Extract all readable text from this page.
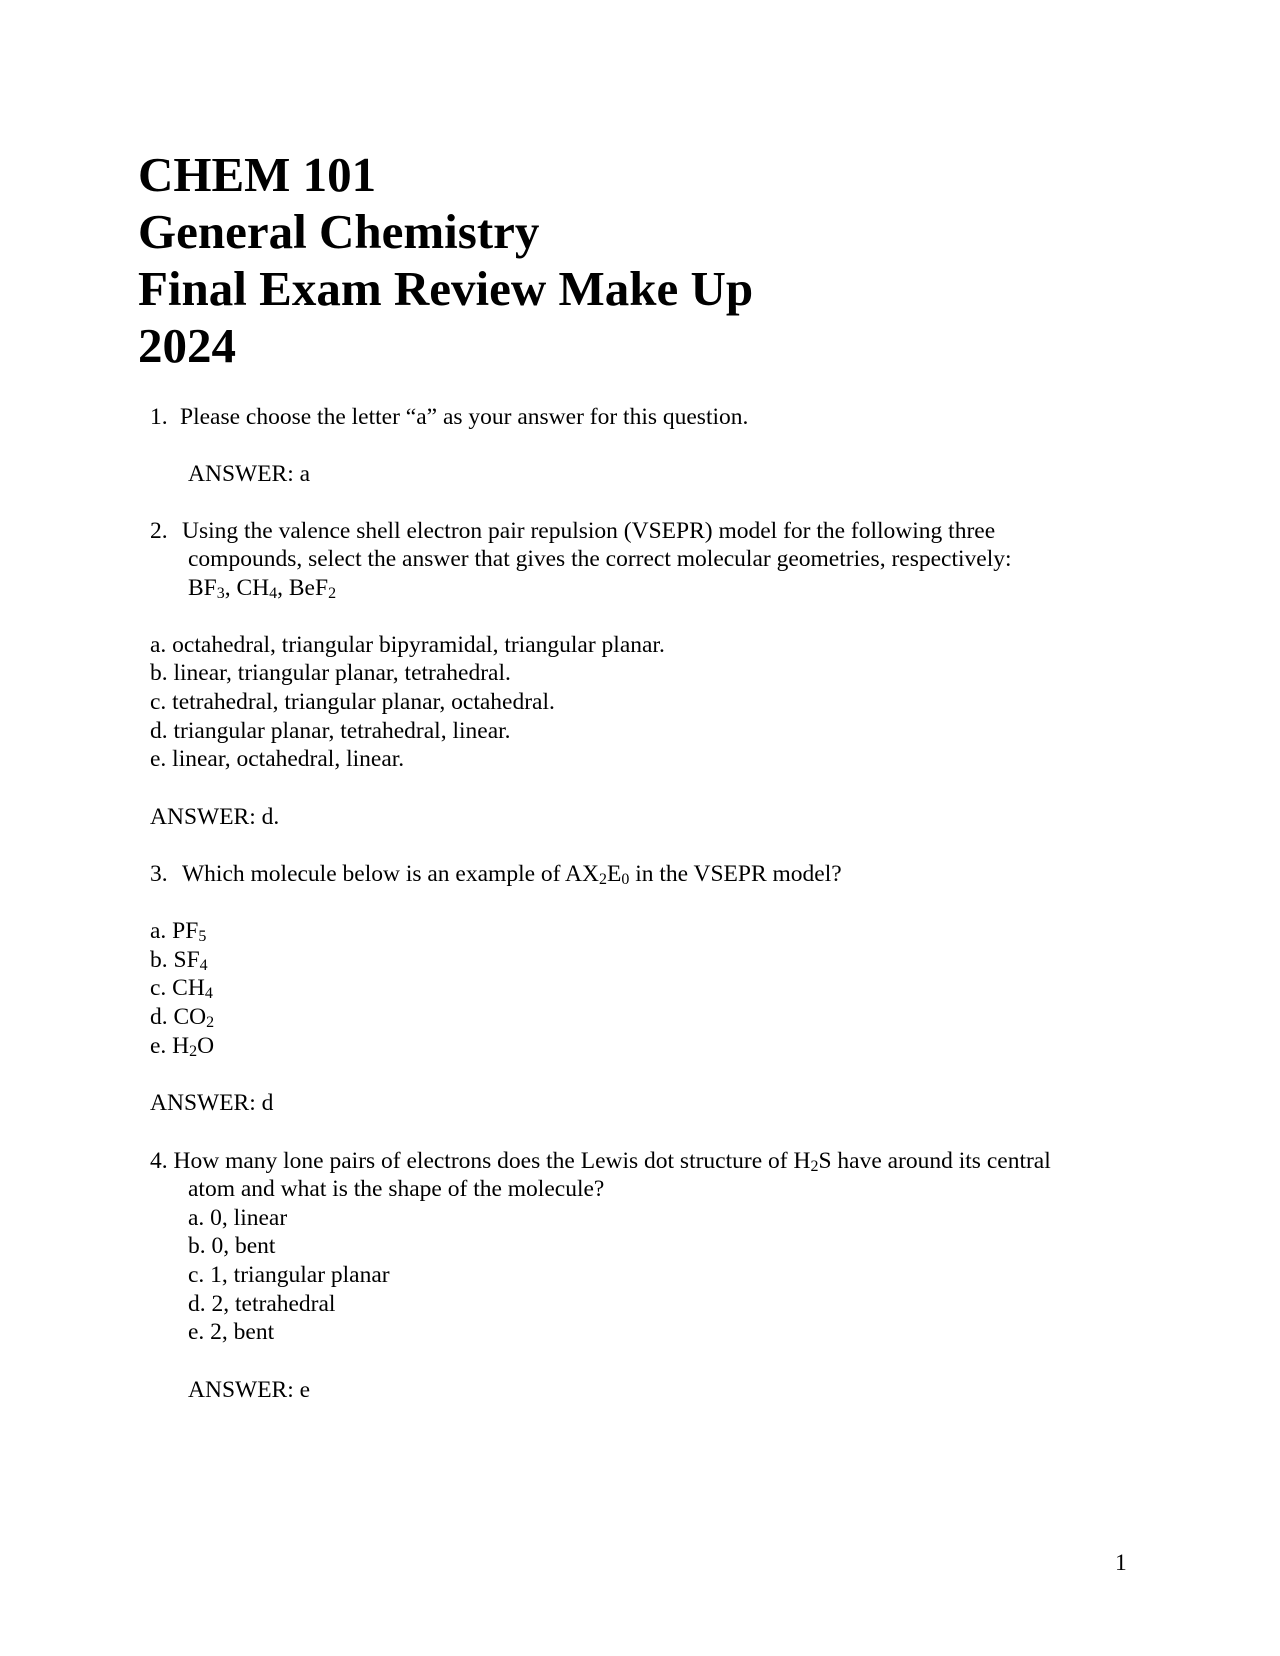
CHEM 101
General Chemistry
Final Exam Review Make Up
2024
1. Please choose the letter “a” as your answer for this question.
ANSWER: a
2. Using the valence shell electron pair repulsion (VSEPR) model for the following three
compounds, select the answer that gives the correct molecular geometries, respectively:
$BF_3$, $CH_4$, BeF$_2$
a. octahedral, triangular bipyramidal, triangular planar.
b. linear, triangular planar, tetrahedral.
c. tetrahedral, triangular planar, octahedral.
d. triangular planar, tetrahedral, linear.
e. linear, octahedral, linear.
ANSWER: d.
3. Which molecule below is an example of $AX_2E_0$ in the VSEPR model?
a. $PF_5$
b. $SF_4$
c. $CH_4$
d. $CO_2$
e. $H_2O$
ANSWER: d
4. How many lone pairs of electrons does the Lewis dot structure of $H_2S$ have around its central
atom and what is the shape of the molecule?
a. 0, linear
b. 0, bent
c. 1, triangular planar
d. 2, tetrahedral
e. 2, bent
ANSWER: e
1
